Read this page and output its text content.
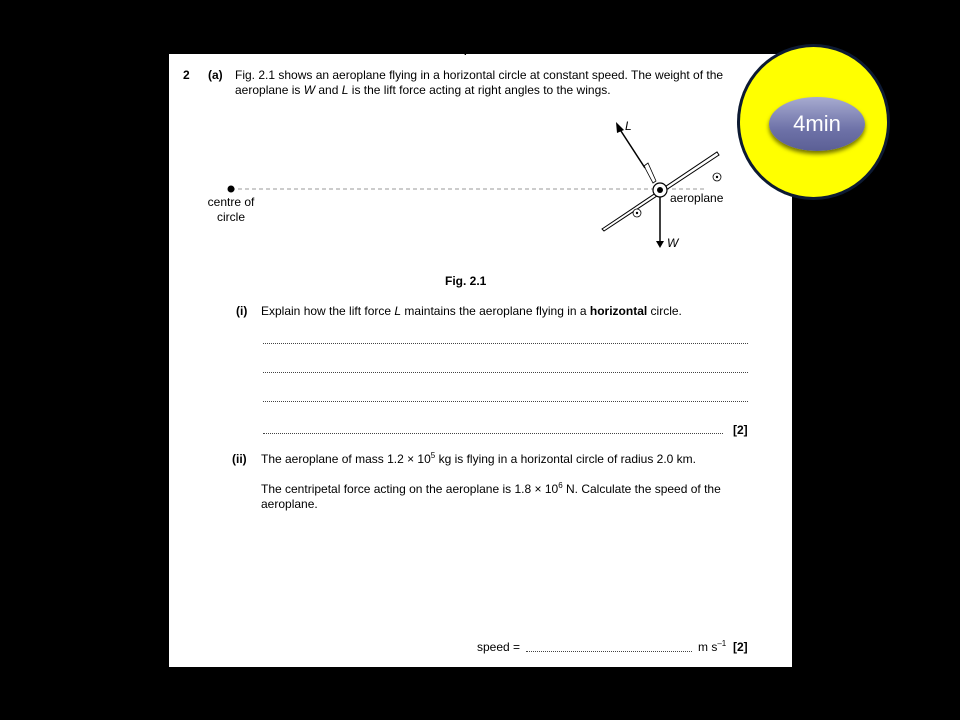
4
2 (a) Fig. 2.1 shows an aeroplane flying in a horizontal circle at constant speed. The weight of the
aeroplane is W and L is the lift force acting at right angles to the wings.
L
W
aeroplane
centre of
circle
Fig. 2.1
(i) Explain how the lift force L maintains the aeroplane flying in a horizontal circle.
[2]
(ii) The aeroplane of mass $1.2 \times 10^5$ kg is flying in a horizontal circle of radius 2.0 km.
The centripetal force acting on the aeroplane is $1.8 \times 10^6$ N. Calculate the speed of the
aeroplane.
speed =	m $s^{-1}$ [2]
4min
